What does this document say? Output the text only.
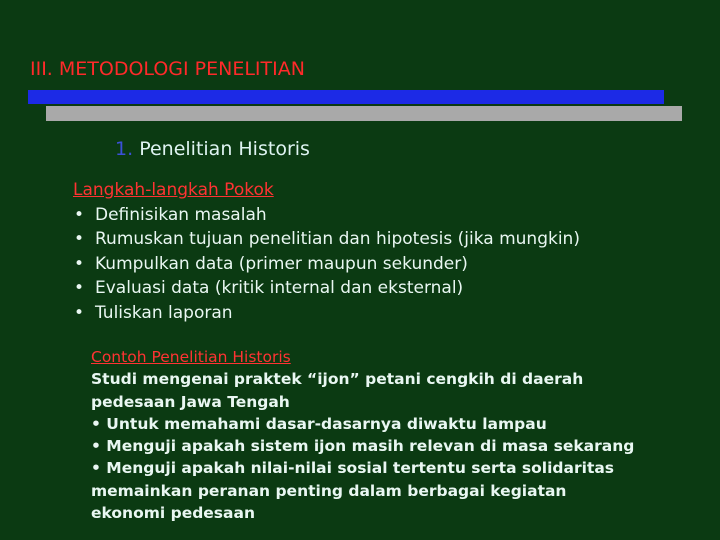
III. METODOLOGI PENELITIAN
1. Penelitian Historis
Langkah-langkah Pokok
• Definisikan masalah
• Rumuskan tujuan penelitian dan hipotesis (jika mungkin)
• Kumpulkan data (primer maupun sekunder)
• Evaluasi data (kritik internal dan eksternal)
• Tuliskan laporan
Contoh Penelitian Historis
Studi mengenai praktek “ijon” petani cengkih di daerah
pedesaan Jawa Tengah
• Untuk memahami dasar-dasarnya diwaktu lampau
• Menguji apakah sistem ijon masih relevan di masa sekarang
• Menguji apakah nilai-nilai sosial tertentu serta solidaritas
memainkan peranan penting dalam berbagai kegiatan
ekonomi pedesaan
